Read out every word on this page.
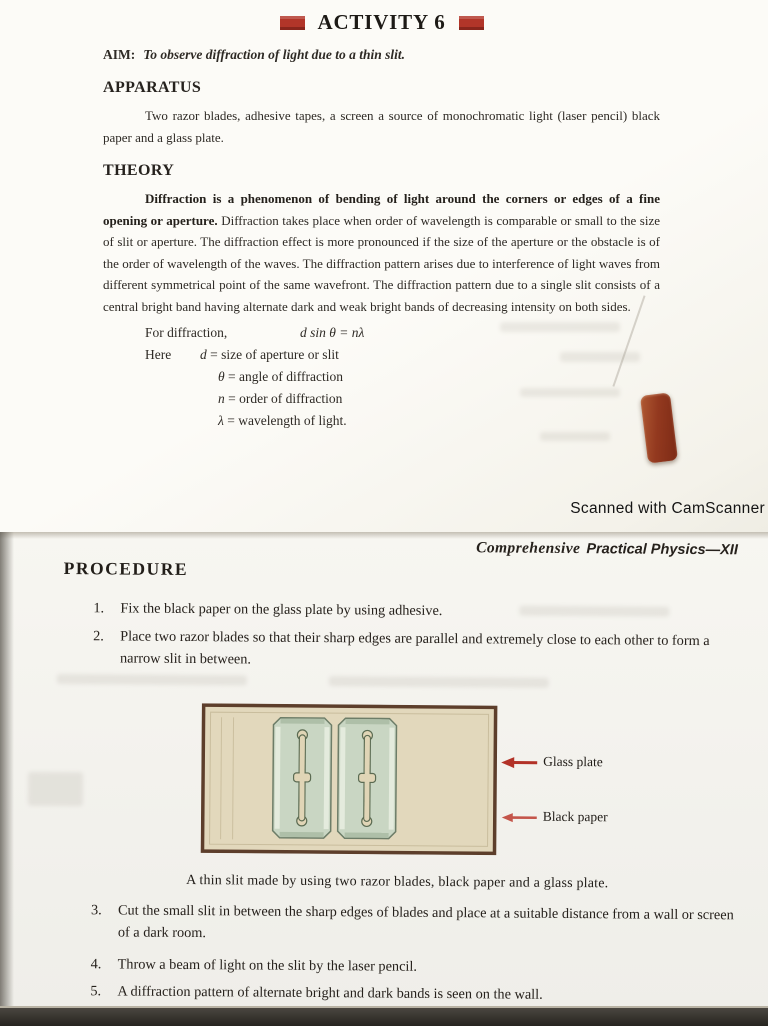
ACTIVITY 6

AIM: To observe diffraction of light due to a thin slit.

APPARATUS

Two razor blades, adhesive tapes, a screen a source of monochromatic light (laser pencil) black paper and a glass plate.

THEORY

Diffraction is a phenomenon of bending of light around the corners or edges of a fine opening or aperture. Diffraction takes place when order of wavelength is comparable or small to the size of slit or aperture. The diffraction effect is more pronounced if the size of the aperture or the obstacle is of the order of wavelength of the waves. The diffraction pattern arises due to interference of light waves from different symmetrical point of the same wavefront. The diffraction pattern due to a single slit consists of a central bright band having alternate dark and weak bright bands of decreasing intensity on both sides.

For diffraction,	d sin θ = nλ
Here	d = size of aperture or slit
θ = angle of diffraction
n = order of diffraction
λ = wavelength of light.
Scanned with CamScanner
Comprehensive Practical Physics—XII
PROCEDURE
1.	Fix the black paper on the glass plate by using adhesive.
2.	Place two razor blades so that their sharp edges are parallel and extremely close to each other to form a narrow slit in between.
Glass plate
Black paper

A thin slit made by using two razor blades, black paper and a glass plate.

3.	Cut the small slit in between the sharp edges of blades and place at a suitable distance from a wall or screen of a dark room.
4.	Throw a beam of light on the slit by the laser pencil.
5.	A diffraction pattern of alternate bright and dark bands is seen on the wall.
